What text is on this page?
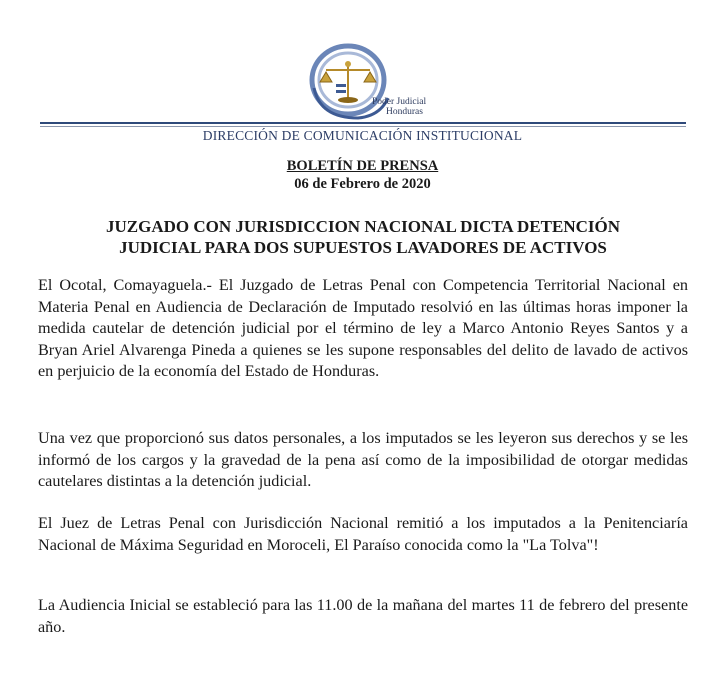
Poder Judicial
Honduras
DIRECCIÓN DE COMUNICACIÓN INSTITUCIONAL
BOLETÍN DE PRENSA
06 de Febrero de 2020
JUZGADO CON JURISDICCION NACIONAL DICTA DETENCIÓN
JUDICIAL PARA DOS SUPUESTOS LAVADORES DE ACTIVOS

El Ocotal, Comayaguela.- El Juzgado de Letras Penal con Competencia Territorial Nacional en Materia Penal en Audiencia de Declaración de Imputado resolvió en las últimas horas imponer la medida cautelar de detención judicial por el término de ley a Marco Antonio Reyes Santos y a Bryan Ariel Alvarenga Pineda a quienes se les supone responsables del delito de lavado de activos en perjuicio de la economía del Estado de Honduras.

Una vez que proporcionó sus datos personales, a los imputados se les leyeron sus derechos y se les informó de los cargos y la gravedad de la pena así como de la imposibilidad de otorgar medidas cautelares distintas a la detención judicial.

El Juez de Letras Penal con Jurisdicción Nacional remitió a los imputados a la Penitenciaría Nacional de Máxima Seguridad en Moroceli, El Paraíso conocida como la "La Tolva"!

La Audiencia Inicial se estableció para las 11.00 de la mañana del martes 11 de febrero del presente año.
